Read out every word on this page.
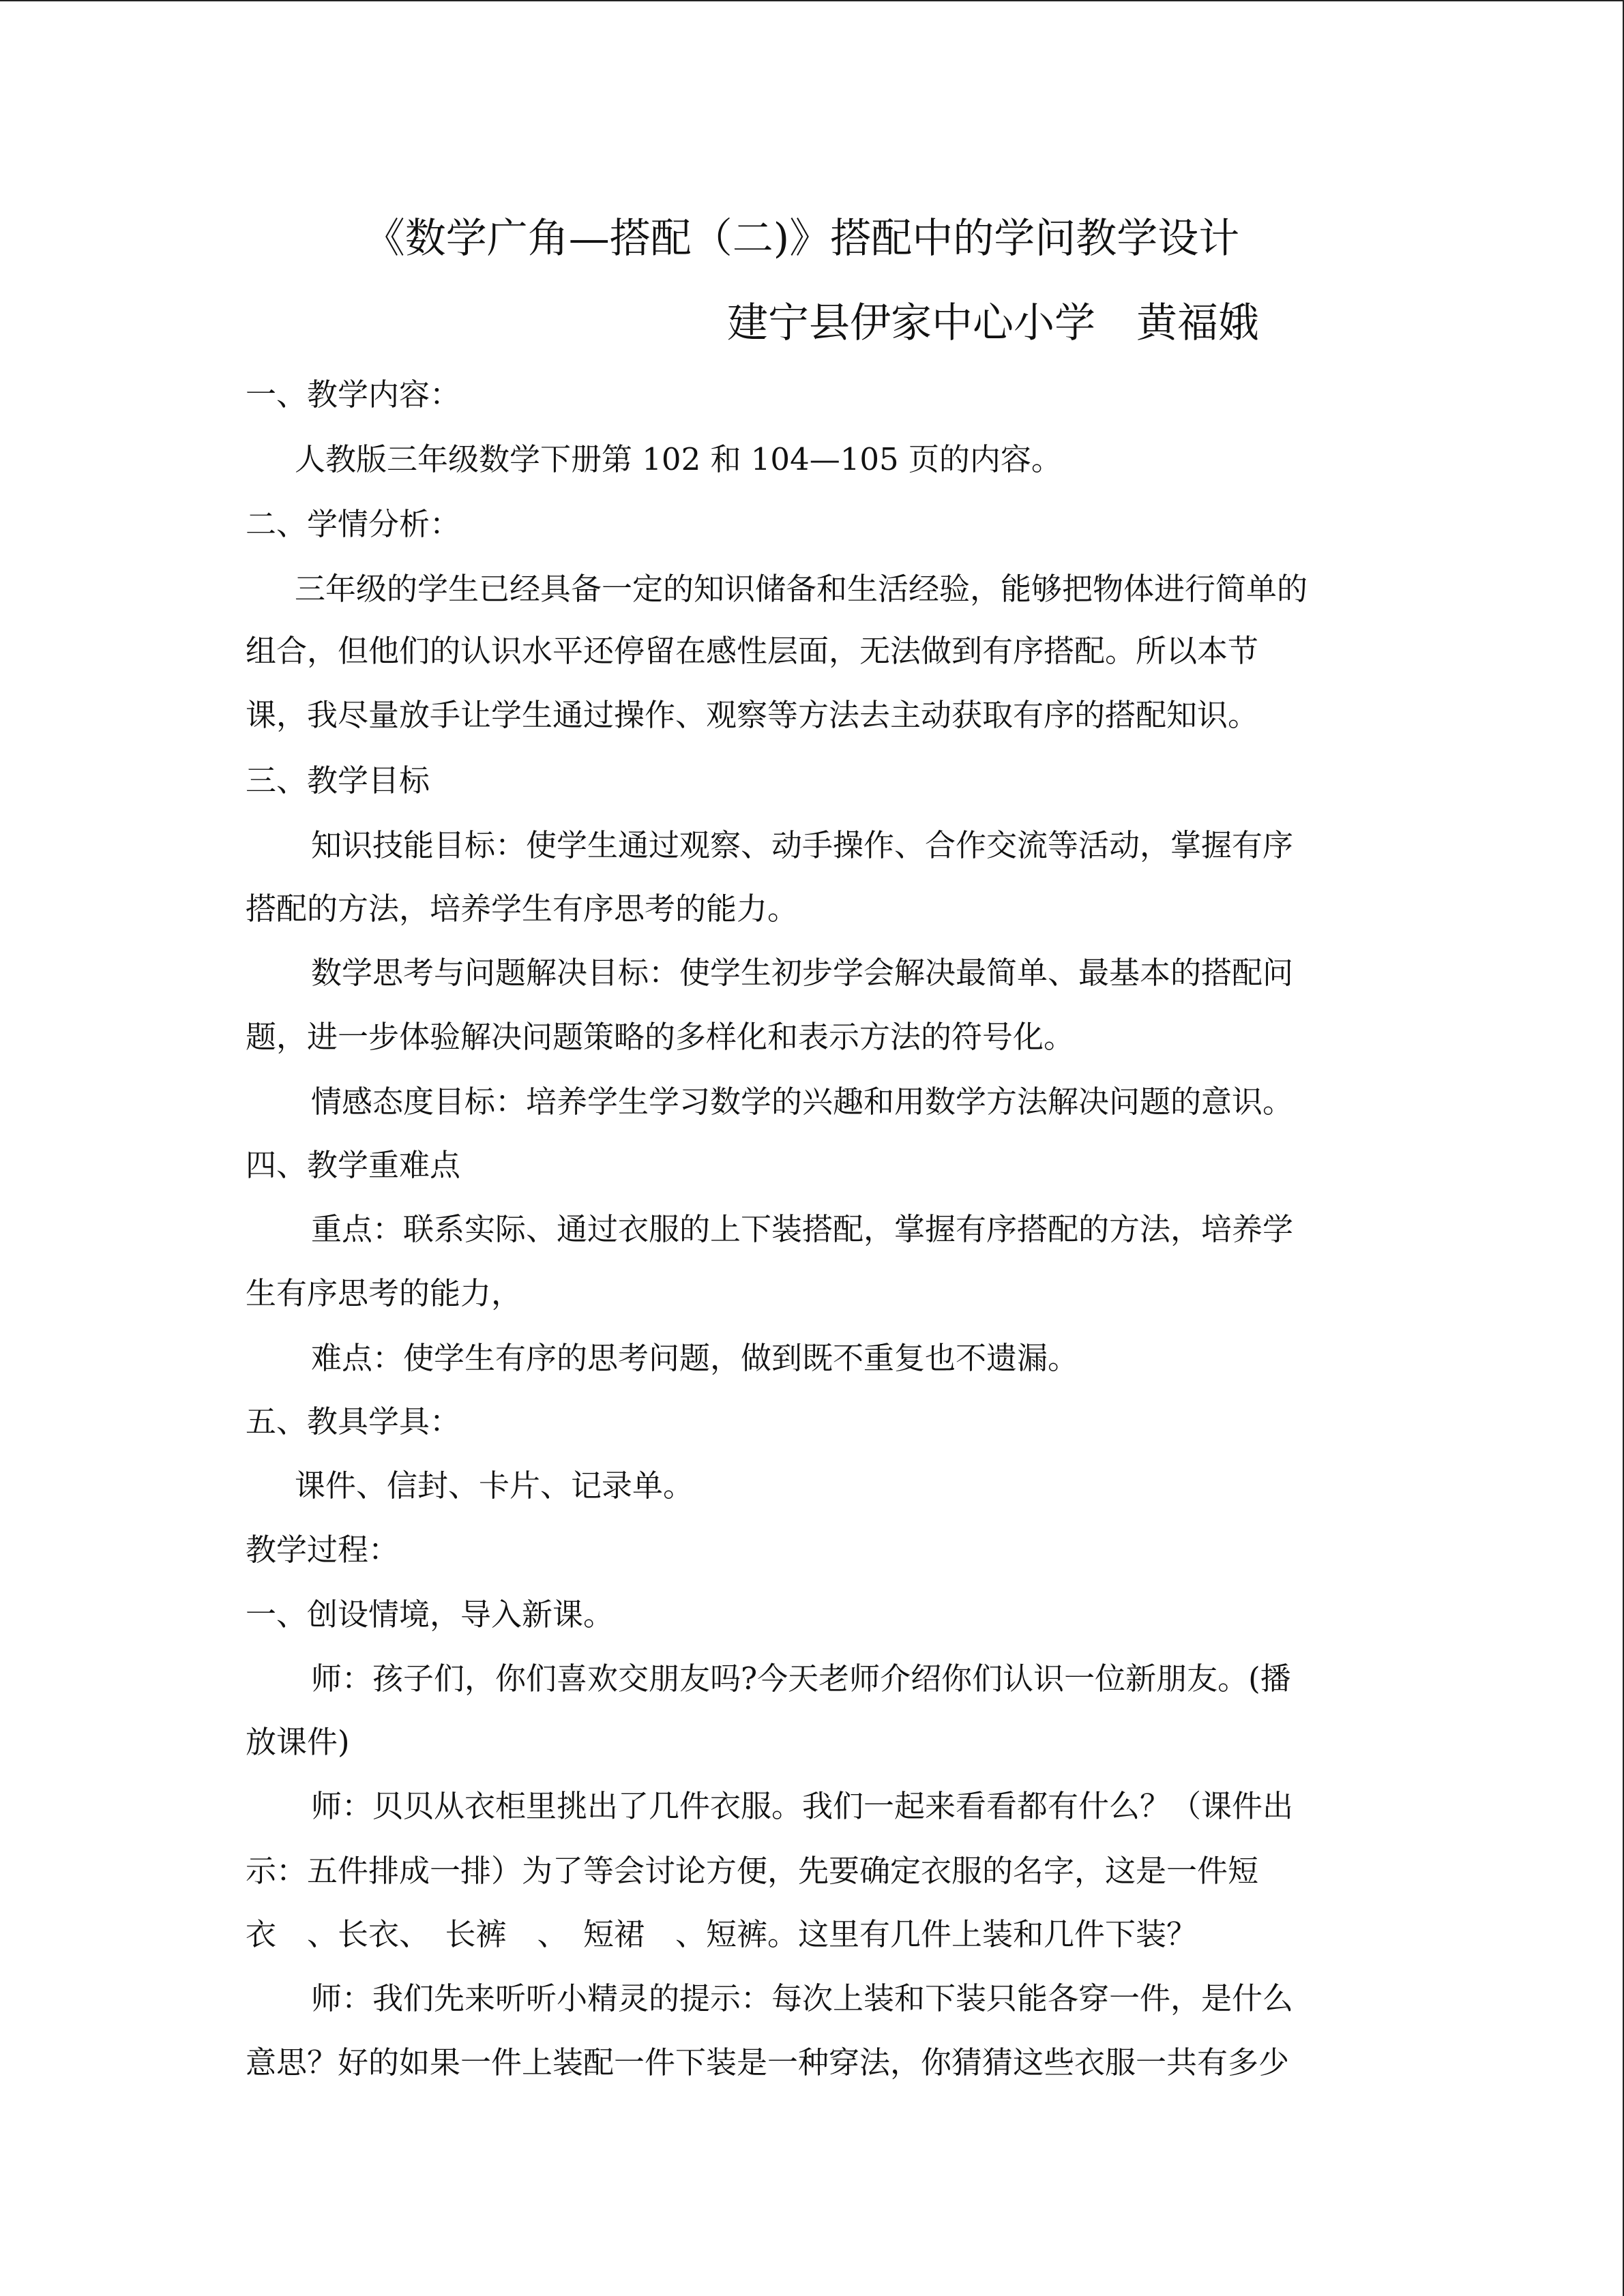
《数学广角—搭配（二)》搭配中的学问教学设计
建宁县伊家中心小学　黄福娥
一、教学内容：
人教版三年级数学下册第 102 和 104—105 页的内容。
二、学情分析：
三年级的学生已经具备一定的知识储备和生活经验，能够把物体进行简单的
组合，但他们的认识水平还停留在感性层面，无法做到有序搭配。所以本节
课，我尽量放手让学生通过操作、观察等方法去主动获取有序的搭配知识。
三、教学目标
知识技能目标：使学生通过观察、动手操作、合作交流等活动，掌握有序
搭配的方法，培养学生有序思考的能力。
数学思考与问题解决目标：使学生初步学会解决最简单、最基本的搭配问
题，进一步体验解决问题策略的多样化和表示方法的符号化。
情感态度目标：培养学生学习数学的兴趣和用数学方法解决问题的意识。
四、教学重难点
重点：联系实际、通过衣服的上下装搭配，掌握有序搭配的方法，培养学
生有序思考的能力，
难点：使学生有序的思考问题，做到既不重复也不遗漏。
五、教具学具：
课件、信封、卡片、记录单。
教学过程：
一、创设情境，导入新课。
师：孩子们，你们喜欢交朋友吗?今天老师介绍你们认识一位新朋友。(播
放课件)
师：贝贝从衣柜里挑出了几件衣服。我们一起来看看都有什么？（课件出
示：五件排成一排）为了等会讨论方便，先要确定衣服的名字，这是一件短
衣　、长衣、　长裤　、　短裙　、短裤。这里有几件上装和几件下装？
师：我们先来听听小精灵的提示：每次上装和下装只能各穿一件，是什么
意思？好的如果一件上装配一件下装是一种穿法，你猜猜这些衣服一共有多少
